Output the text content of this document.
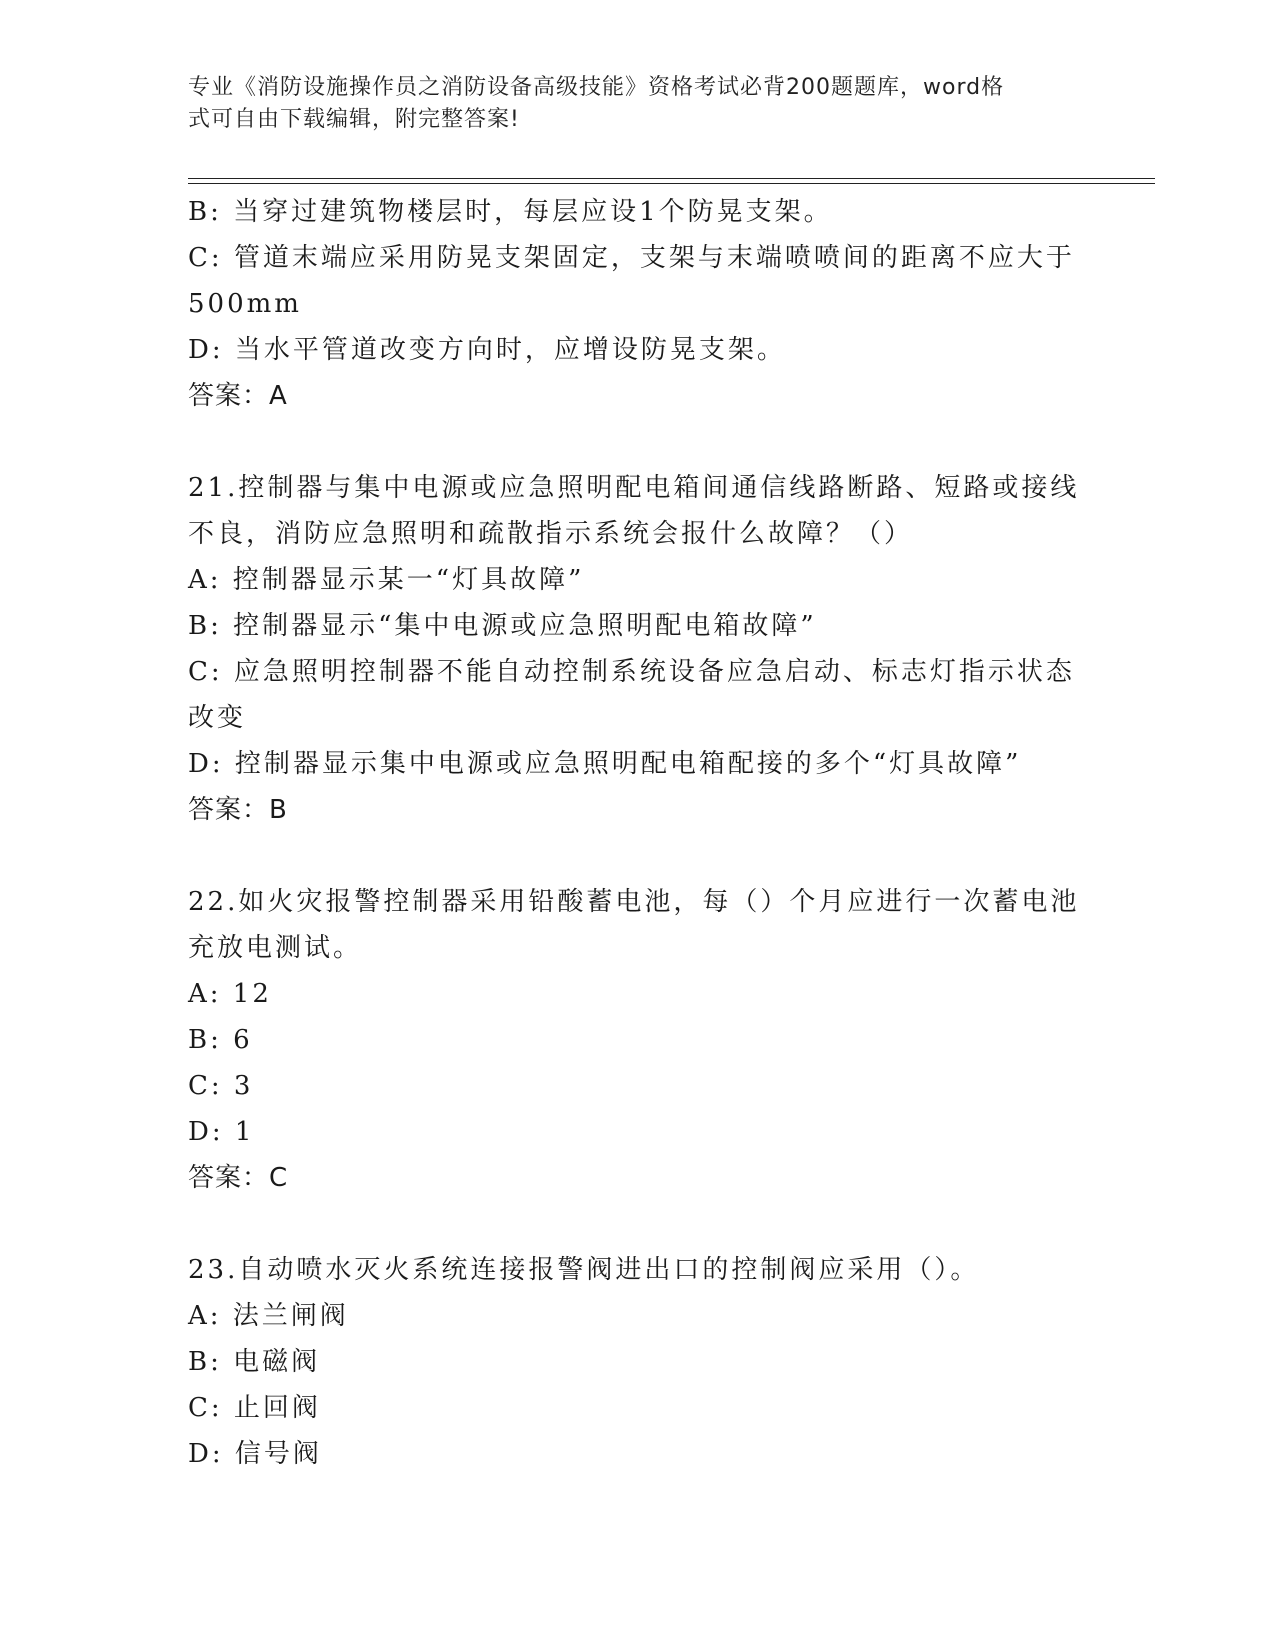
专业《消防设施操作员之消防设备高级技能》资格考试必背200题题库，word格
式可自由下载编辑，附完整答案!
B: 当穿过建筑物楼层时，每层应设1个防晃支架。
C: 管道末端应采用防晃支架固定，支架与末端喷喷间的距离不应大于
500mm
D: 当水平管道改变方向时，应增设防晃支架。
答案：A
21.控制器与集中电源或应急照明配电箱间通信线路断路、短路或接线
不良，消防应急照明和疏散指示系统会报什么故障？（）
A: 控制器显示某一“灯具故障”
B: 控制器显示“集中电源或应急照明配电箱故障”
C: 应急照明控制器不能自动控制系统设备应急启动、标志灯指示状态
改变
D: 控制器显示集中电源或应急照明配电箱配接的多个“灯具故障”
答案：B
22.如火灾报警控制器采用铅酸蓄电池，每（）个月应进行一次蓄电池
充放电测试。
A: 12
B: 6
C: 3
D: 1
答案：C
23.自动喷水灭火系统连接报警阀进出口的控制阀应采用（）。
A: 法兰闸阀
B: 电磁阀
C: 止回阀
D: 信号阀
